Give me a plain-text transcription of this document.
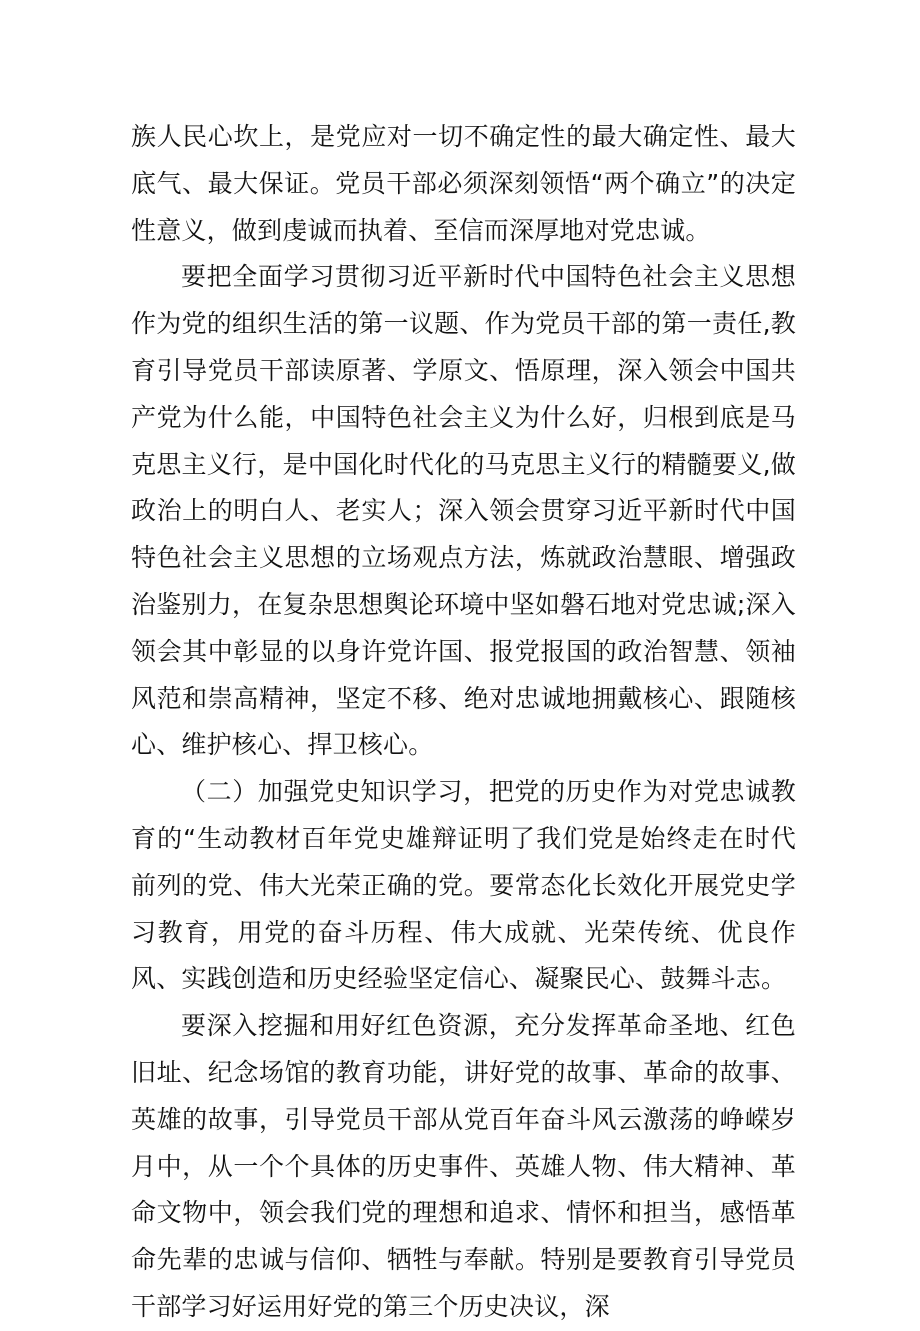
族人民心坎上，是党应对一切不确定性的最大确定性、最大底气、最大保证。党员干部必须深刻领悟“两个确立”的决定性意义，做到虔诚而执着、至信而深厚地对党忠诚。

要把全面学习贯彻习近平新时代中国特色社会主义思想作为党的组织生活的第一议题、作为党员干部的第一责任,教育引导党员干部读原著、学原文、悟原理，深入领会中国共产党为什么能，中国特色社会主义为什么好，归根到底是马克思主义行，是中国化时代化的马克思主义行的精髓要义,做政治上的明白人、老实人；深入领会贯穿习近平新时代中国特色社会主义思想的立场观点方法，炼就政治慧眼、增强政治鉴别力，在复杂思想舆论环境中坚如磐石地对党忠诚;深入领会其中彰显的以身许党许国、报党报国的政治智慧、领袖风范和崇高精神，坚定不移、绝对忠诚地拥戴核心、跟随核心、维护核心、捍卫核心。

（二）加强党史知识学习，把党的历史作为对党忠诚教育的“生动教材百年党史雄辩证明了我们党是始终走在时代前列的党、伟大光荣正确的党。要常态化长效化开展党史学习教育，用党的奋斗历程、伟大成就、光荣传统、优良作风、实践创造和历史经验坚定信心、凝聚民心、鼓舞斗志。

要深入挖掘和用好红色资源，充分发挥革命圣地、红色旧址、纪念场馆的教育功能，讲好党的故事、革命的故事、英雄的故事，引导党员干部从党百年奋斗风云激荡的峥嵘岁月中，从一个个具体的历史事件、英雄人物、伟大精神、革命文物中，领会我们党的理想和追求、情怀和担当，感悟革命先辈的忠诚与信仰、牺牲与奉献。特别是要教育引导党员干部学习好运用好党的第三个历史决议，深
